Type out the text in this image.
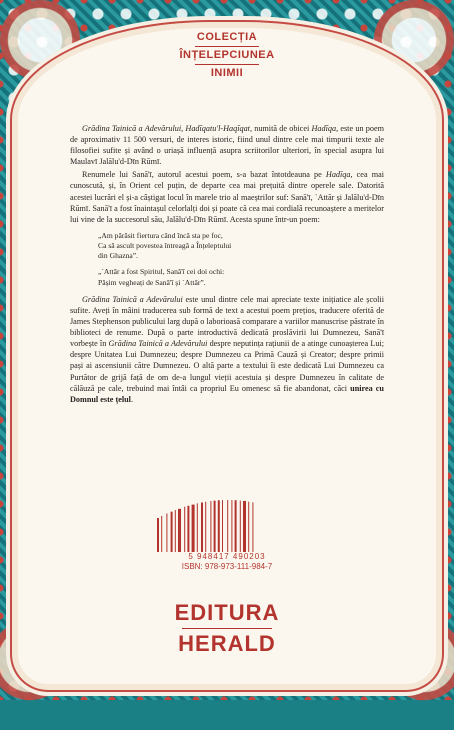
COLECȚIA
ÎNȚELEPCIUNEA

INIMII

Grădina Tainică a Adevărului, Hadīqatu'l-Haqīqat, numită de obicei Hadīqa, este un poem de aproximativ 11 500 versuri, de interes istoric, fiind unul dintre cele mai timpurii texte ale filosofiei sufite și având o uriașă influență asupra scriitorilor ulteriori, în special asupra lui Maulavī Jalālu'd-Dīn Rūmī.

Renumele lui Sanā'ī, autorul acestui poem, s-a bazat întotdeauna pe Hadīqa, cea mai cunoscută, și, în Orient cel puțin, de departe cea mai prețuită dintre operele sale. Datorită acestei lucrări el și-a câștigat locul în marele trio al maeștrilor suf: Sanā'ī, `Attār și Jalālu'd-Dīn Rūmī. Sanā'ī a fost înaintașul celorlalți doi și poate că cea mai cordială recunoaștere a meritelor lui vine de la succesorul său, Jalālu'd-Dīn Rūmī. Acesta spune într-un poem:

„Am părăsit fiertura când încă sta pe foc,
Ca să ascult povestea întreagă a Înțeleptului
din Ghazna”.
„`Attār a fost Spiritul, Sanā'ī cei doi ochi:
Pășim vegheați de Sanā'ī și `Attār”.

Grădina Tainică a Adevărului este unul dintre cele mai apreciate texte inițiatice ale școlii sufite. Aveți în mâini traducerea sub formă de text a acestui poem prețios, traducere oferită de James Stephenson publicului larg după o laborioasă comparare a variilor manuscrise păstrate în biblioteci de renume. După o parte introductivă dedicată proslăvirii lui Dumnezeu, Sanā'ī vorbește în Grădina Tainică a Adevărului despre neputința rațiunii de a atinge cunoașterea Lui; despre Unitatea Lui Dumnezeu; despre Dumnezeu ca Primă Cauză și Creator; despre primii pași ai ascensiunii către Dumnezeu. O altă parte a textului îi este dedicată Lui Dumnezeu ca Purtător de grijă față de om de-a lungul vieții acestuia și despre Dumnezeu în calitate de călăuză pe cale, trebuind mai întâi ca propriul Eu omenesc să fie abandonat, căci unirea cu Domnul este țelul.

5 948417 490203
ISBN: 978-973-111-984-7
EDITURA
HERALD
